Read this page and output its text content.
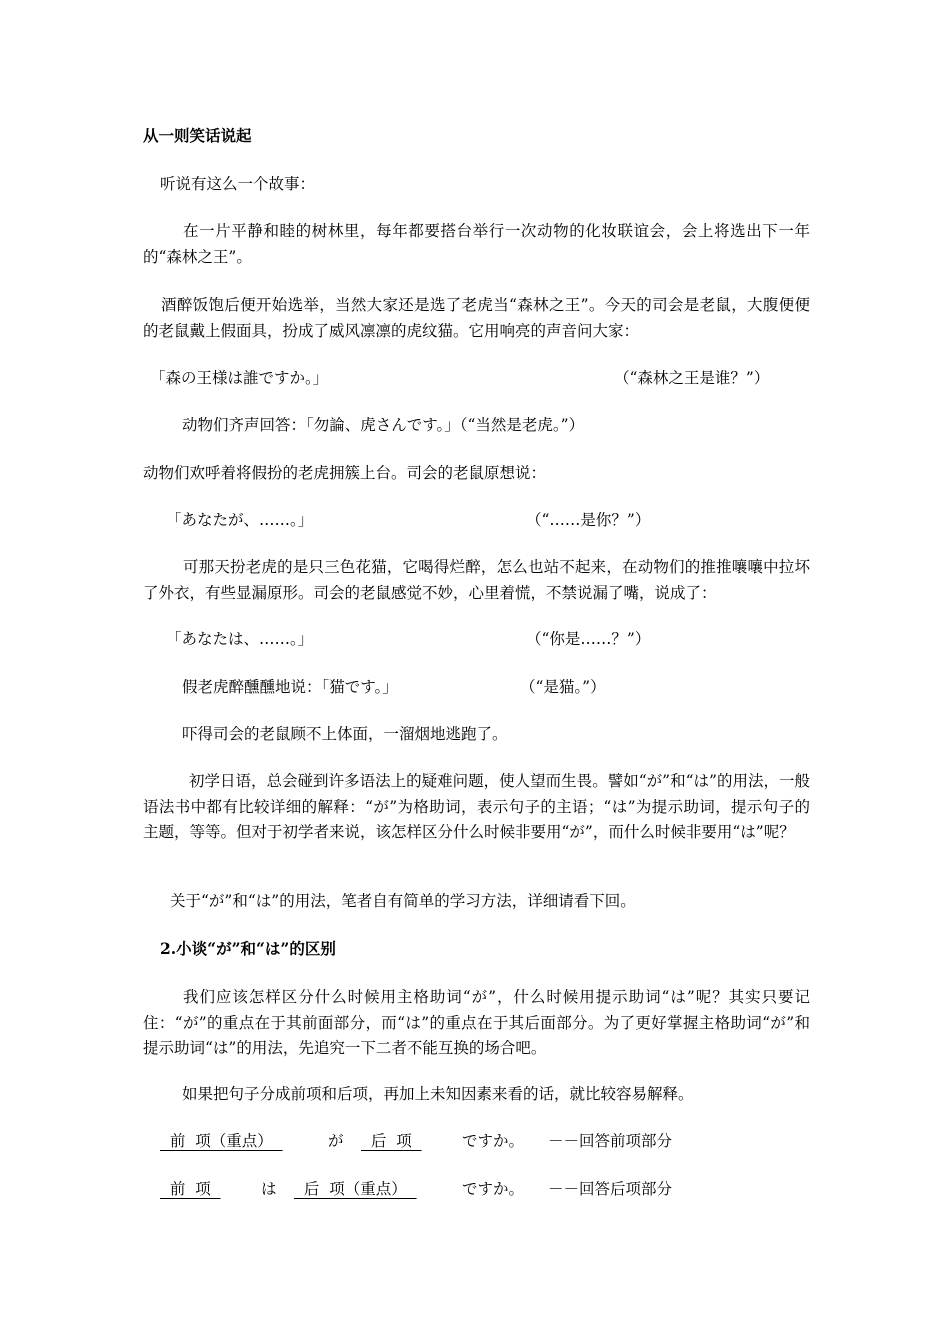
从一则笑话说起
听说有这么一个故事：
在一片平静和睦的树林里，每年都要搭台举行一次动物的化妆联谊会，会上将选出下一年的“森林之王”。
酒醉饭饱后便开始选举，当然大家还是选了老虎当“森林之王”。今天的司会是老鼠，大腹便便的老鼠戴上假面具，扮成了威风凛凛的虎纹猫。它用响亮的声音问大家：
「森の王様は誰ですか。」	（“森林之王是谁？”）
动物们齐声回答：「勿論、虎さんです。」（“当然是老虎。”）
动物们欢呼着将假扮的老虎拥簇上台。司会的老鼠原想说：
「あなたが、……。」	（“……是你？”）
可那天扮老虎的是只三色花猫，它喝得烂醉，怎么也站不起来，在动物们的推推嚷嚷中拉坏了外衣，有些显漏原形。司会的老鼠感觉不妙，心里着慌，不禁说漏了嘴，说成了：
「あなたは、……。」	（“你是……？”）
假老虎醉醺醺地说：「猫です。」	（“是猫。”）
吓得司会的老鼠顾不上体面，一溜烟地逃跑了。
初学日语，总会碰到许多语法上的疑难问题，使人望而生畏。譬如“が”和“は”的用法，一般语法书中都有比较详细的解释：“が”为格助词，表示句子的主语；“は”为提示助词，提示句子的主题，等等。但对于初学者来说，该怎样区分什么时候非要用“が”，而什么时候非要用“は”呢？
关于“が”和“は”的用法，笔者自有简单的学习方法，详细请看下回。
2.小谈“が”和“は”的区别
我们应该怎样区分什么时候用主格助词“が”，什么时候用提示助词“は”呢？其实只要记住：“が”的重点在于其前面部分，而“は”的重点在于其后面部分。为了更好掌握主格助词“が”和提示助词“は”的用法，先追究一下二者不能互换的场合吧。
如果把句子分成前项和后项，再加上未知因素来看的话，就比较容易解释。
前  项（重点）	が 后  项	ですか。 －－回答前项部分
前  项	は 后  项（重点）	ですか。 －－回答后项部分
